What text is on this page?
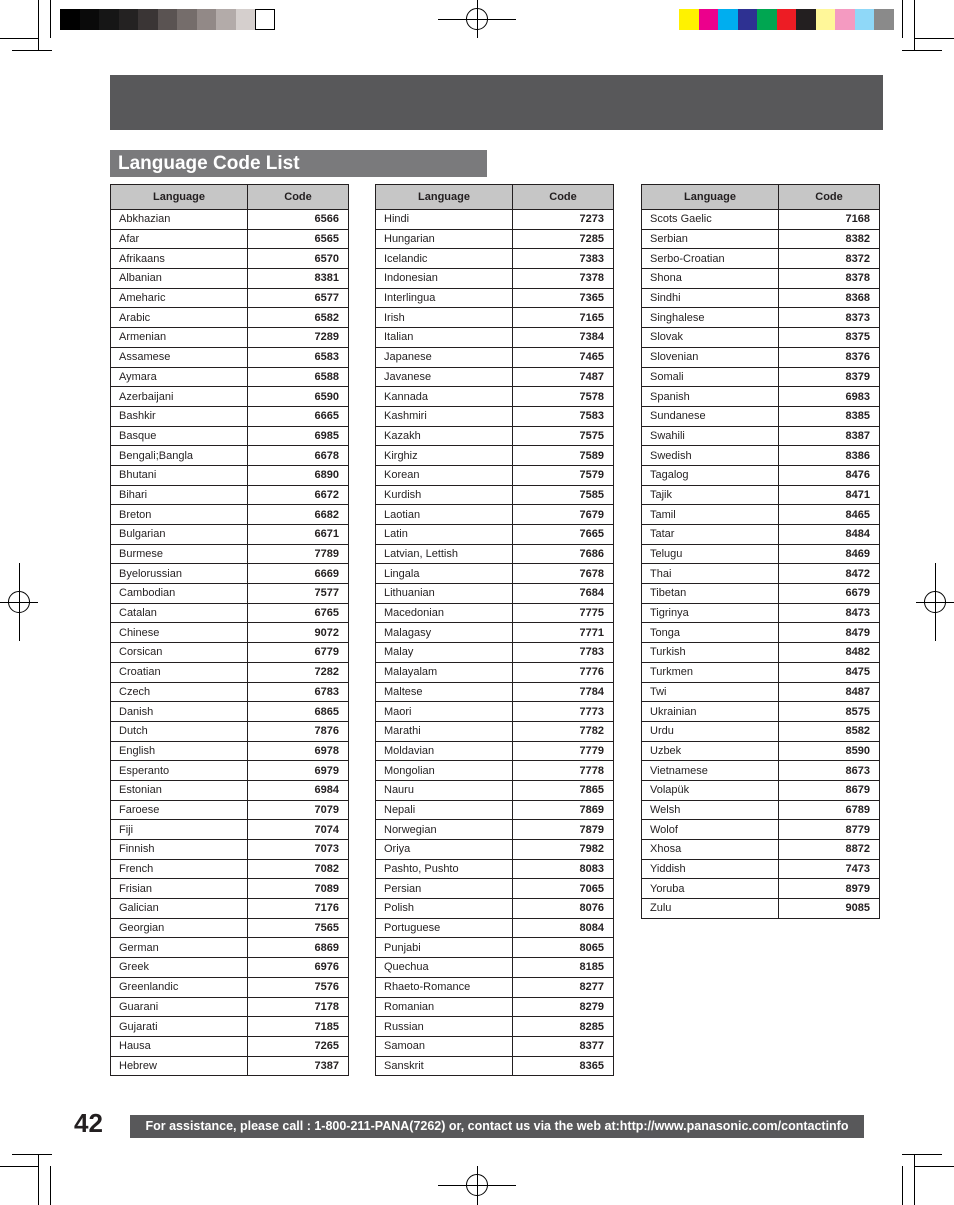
Language Code List
Language	Code
Abkhazian	6566
Afar	6565
Afrikaans	6570
Albanian	8381
Ameharic	6577
Arabic	6582
Armenian	7289
Assamese	6583
Aymara	6588
Azerbaijani	6590
Bashkir	6665
Basque	6985
Bengali;Bangla	6678
Bhutani	6890
Bihari	6672
Breton	6682
Bulgarian	6671
Burmese	7789
Byelorussian	6669
Cambodian	7577
Catalan	6765
Chinese	9072
Corsican	6779
Croatian	7282
Czech	6783
Danish	6865
Dutch	7876
English	6978
Esperanto	6979
Estonian	6984
Faroese	7079
Fiji	7074
Finnish	7073
French	7082
Frisian	7089
Galician	7176
Georgian	7565
German	6869
Greek	6976
Greenlandic	7576
Guarani	7178
Gujarati	7185
Hausa	7265
Hebrew	7387
Language	Code
Hindi	7273
Hungarian	7285
Icelandic	7383
Indonesian	7378
Interlingua	7365
Irish	7165
Italian	7384
Japanese	7465
Javanese	7487
Kannada	7578
Kashmiri	7583
Kazakh	7575
Kirghiz	7589
Korean	7579
Kurdish	7585
Laotian	7679
Latin	7665
Latvian, Lettish	7686
Lingala	7678
Lithuanian	7684
Macedonian	7775
Malagasy	7771
Malay	7783
Malayalam	7776
Maltese	7784
Maori	7773
Marathi	7782
Moldavian	7779
Mongolian	7778
Nauru	7865
Nepali	7869
Norwegian	7879
Oriya	7982
Pashto, Pushto	8083
Persian	7065
Polish	8076
Portuguese	8084
Punjabi	8065
Quechua	8185
Rhaeto-Romance	8277
Romanian	8279
Russian	8285
Samoan	8377
Sanskrit	8365
Language	Code
Scots Gaelic	7168
Serbian	8382
Serbo-Croatian	8372
Shona	8378
Sindhi	8368
Singhalese	8373
Slovak	8375
Slovenian	8376
Somali	8379
Spanish	6983
Sundanese	8385
Swahili	8387
Swedish	8386
Tagalog	8476
Tajik	8471
Tamil	8465
Tatar	8484
Telugu	8469
Thai	8472
Tibetan	6679
Tigrinya	8473
Tonga	8479
Turkish	8482
Turkmen	8475
Twi	8487
Ukrainian	8575
Urdu	8582
Uzbek	8590
Vietnamese	8673
Volapük	8679
Welsh	6789
Wolof	8779
Xhosa	8872
Yiddish	7473
Yoruba	8979
Zulu	9085
42	For assistance, please call : 1-800-211-PANA(7262) or, contact us via the web at:http://www.panasonic.com/contactinfo
